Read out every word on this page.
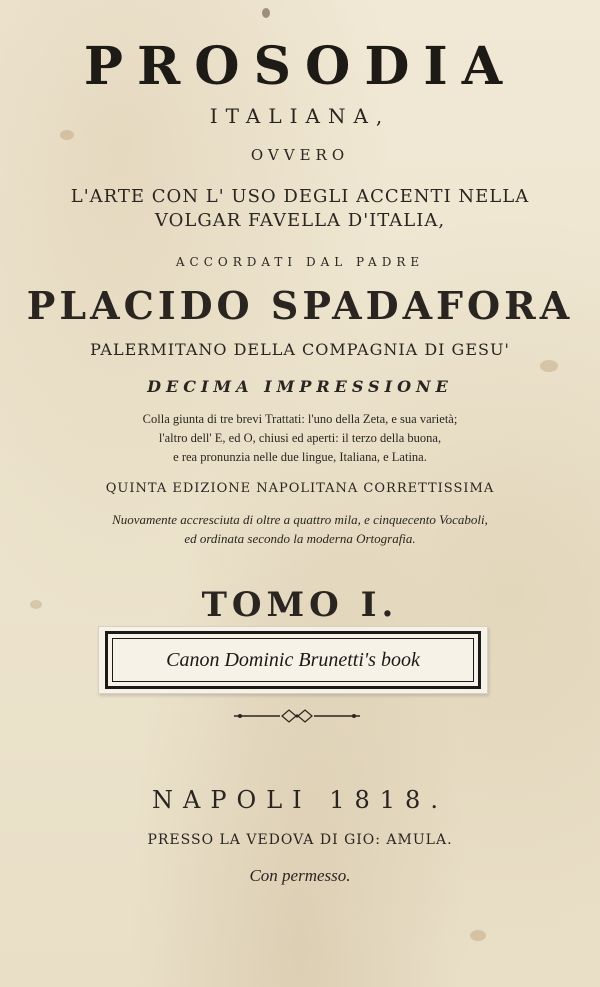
PROSODIA
ITALIANA,
OVVERO
L'ARTE CON L' USO DEGLI ACCENTI NELLA
VOLGAR FAVELLA D'ITALIA,
ACCORDATI DAL PADRE
PLACIDO SPADAFORA
PALERMITANO DELLA COMPAGNIA DI GESU'
DECIMA IMPRESSIONE
Colla giunta di tre brevi Trattati: l'uno della Zeta, e sua varietà;
l'altro dell' E, ed O, chiusi ed aperti: il terzo della buona,
e rea pronunzia nelle due lingue, Italiana, e Latina.
QUINTA EDIZIONE NAPOLITANA CORRETTISSIMA
Nuovamente accresciuta di oltre a quattro mila, e cinquecento Vocaboli,
ed ordinata secondo la moderna Ortografia.
TOMO I.
Canon Dominic Brunetti's book
NAPOLI 1818.
PRESSO LA VEDOVA DI GIO: AMULA.
Con permesso.
